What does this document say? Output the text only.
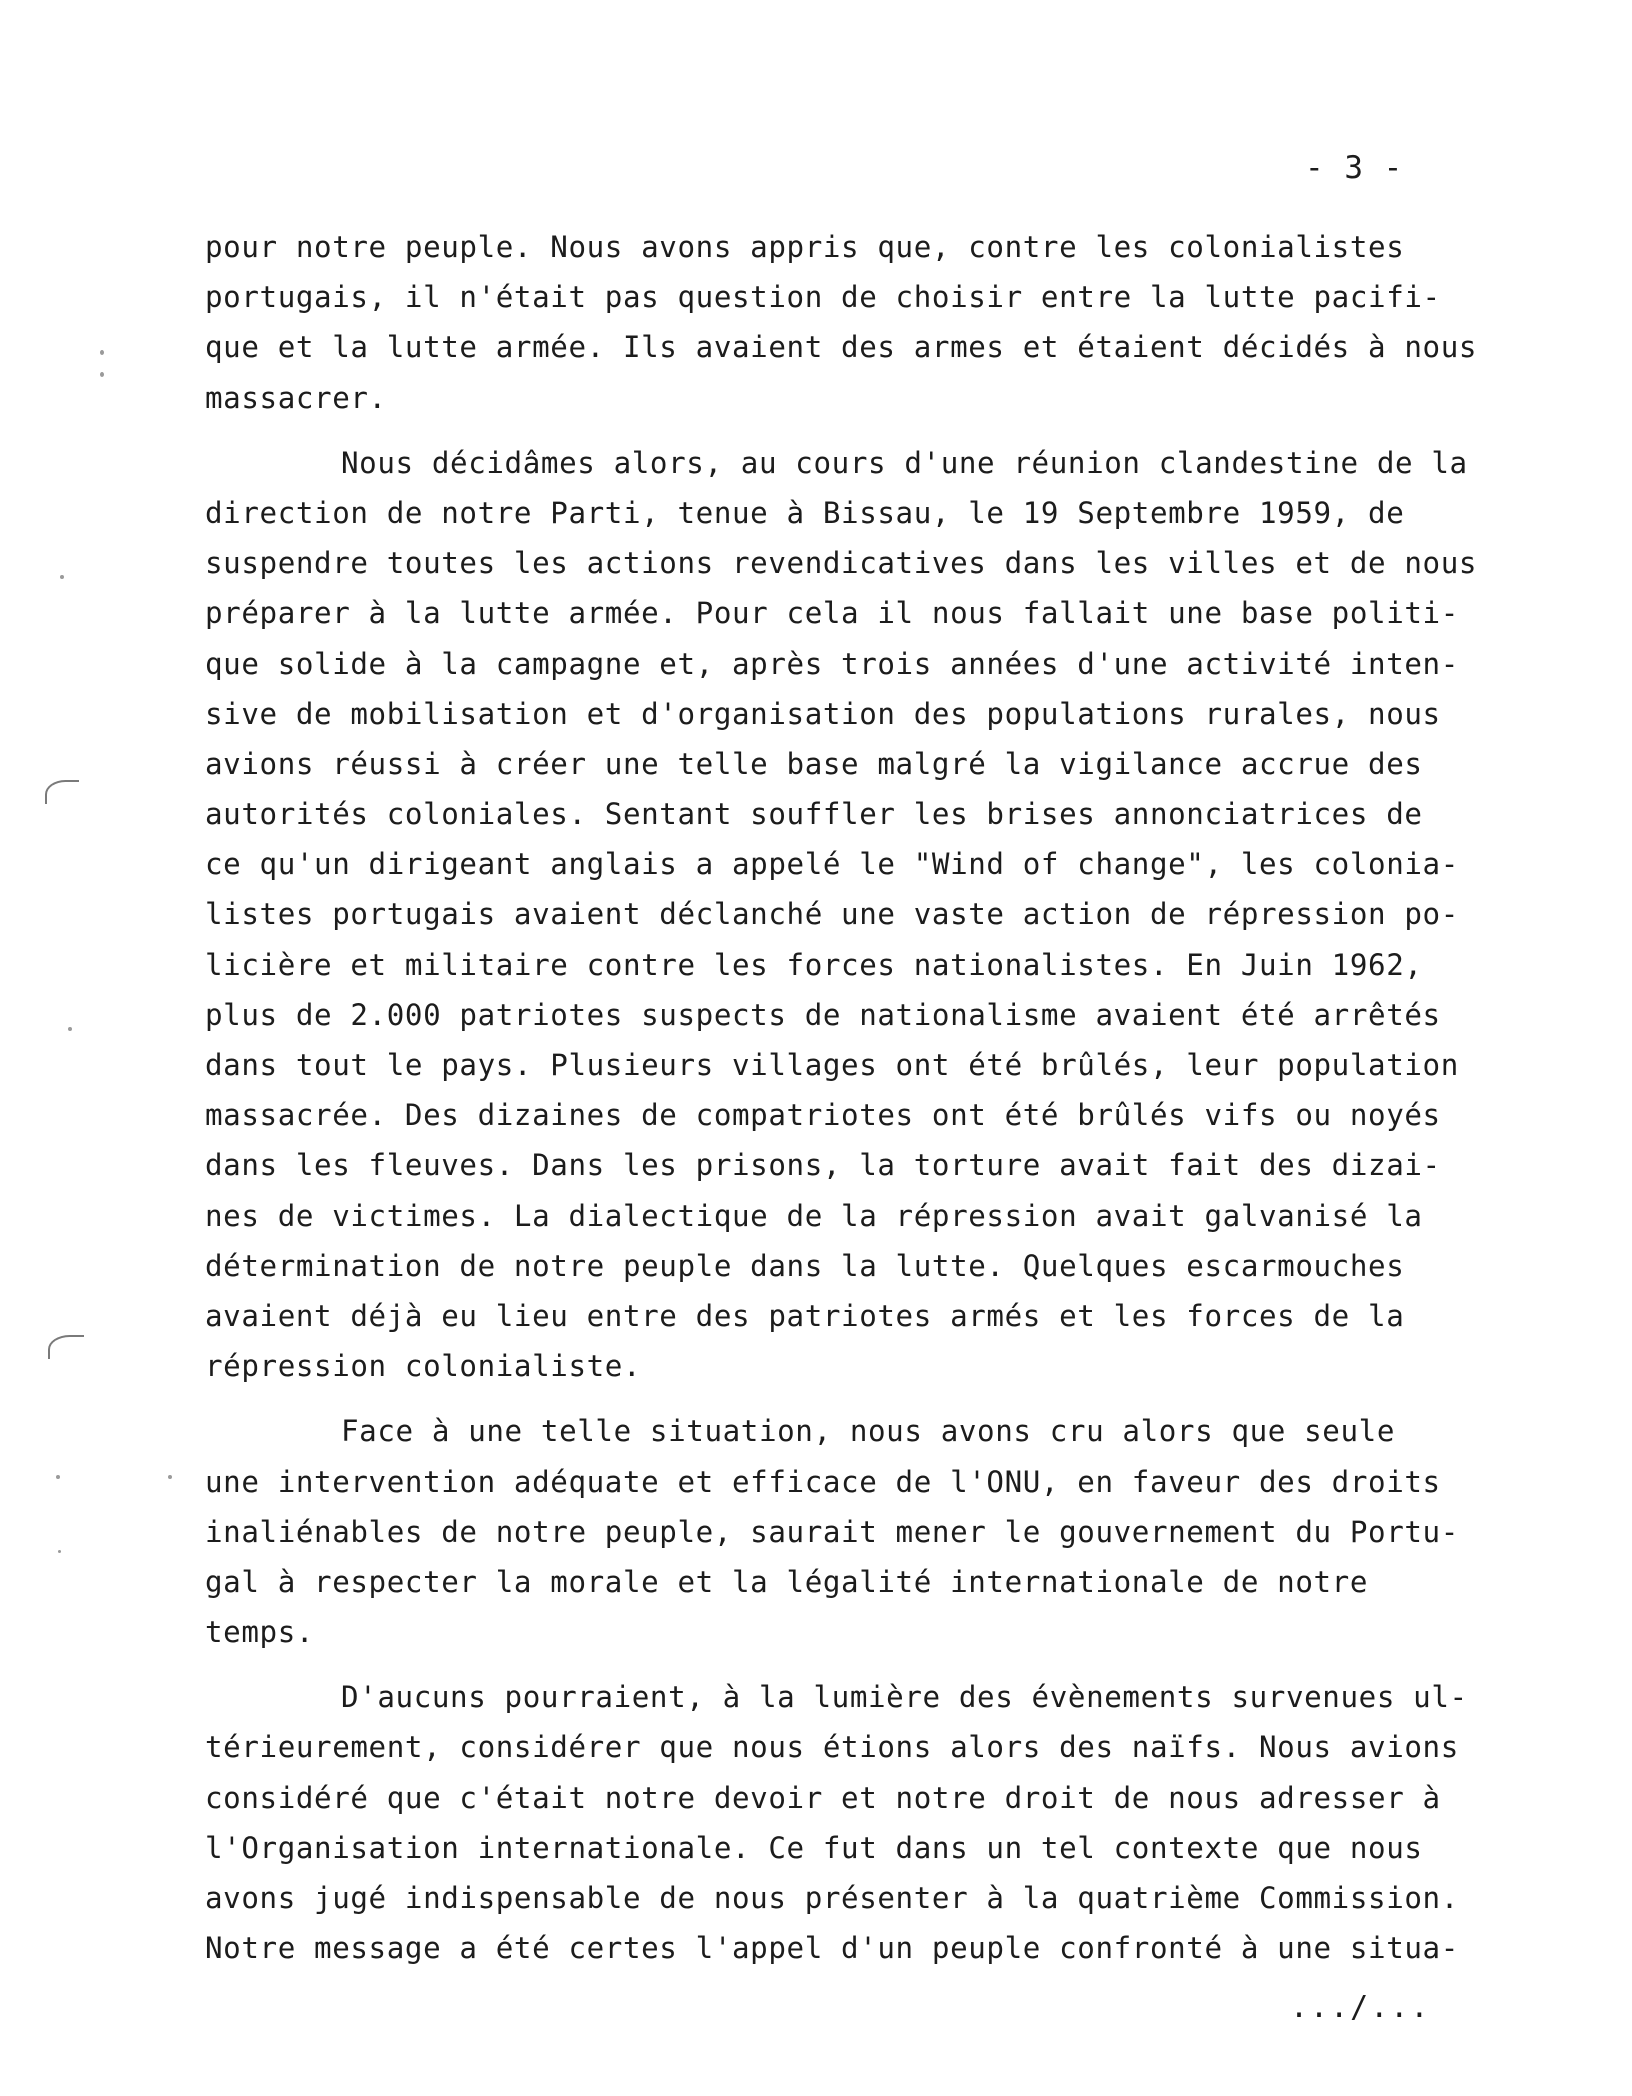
- 3 -
pour notre peuple. Nous avons appris que, contre les colonialistes
portugais, il n'était pas question de choisir entre la lutte pacifi-
que et la lutte armée. Ils avaient des armes et étaient décidés à nous
massacrer.
Nous décidâmes alors, au cours d'une réunion clandestine de la
direction de notre Parti, tenue à Bissau, le 19 Septembre 1959, de
suspendre toutes les actions revendicatives dans les villes et de nous
préparer à la lutte armée. Pour cela il nous fallait une base politi-
que solide à la campagne et, après trois années d'une activité inten-
sive de mobilisation et d'organisation des populations rurales, nous
avions réussi à créer une telle base malgré la vigilance accrue des
autorités coloniales. Sentant souffler les brises annonciatrices de
ce qu'un dirigeant anglais a appelé le "Wind of change", les colonia-
listes portugais avaient déclanché une vaste action de répression po-
licière et militaire contre les forces nationalistes. En Juin 1962,
plus de 2.000 patriotes suspects de nationalisme avaient été arrêtés
dans tout le pays. Plusieurs villages ont été brûlés, leur population
massacrée. Des dizaines de compatriotes ont été brûlés vifs ou noyés
dans les fleuves. Dans les prisons, la torture avait fait des dizai-
nes de victimes. La dialectique de la répression avait galvanisé la
détermination de notre peuple dans la lutte. Quelques escarmouches
avaient déjà eu lieu entre des patriotes armés et les forces de la
répression colonialiste.
Face à une telle situation, nous avons cru alors que seule
une intervention adéquate et efficace de l'ONU, en faveur des droits
inaliénables de notre peuple, saurait mener le gouvernement du Portu-
gal à respecter la morale et la légalité internationale de notre
temps.
D'aucuns pourraient, à la lumière des évènements survenues ul-
térieurement, considérer que nous étions alors des naïfs. Nous avions
considéré que c'était notre devoir et notre droit de nous adresser à
l'Organisation internationale. Ce fut dans un tel contexte que nous
avons jugé indispensable de nous présenter à la quatrième Commission.
Notre message a été certes l'appel d'un peuple confronté à une situa-
.../...
